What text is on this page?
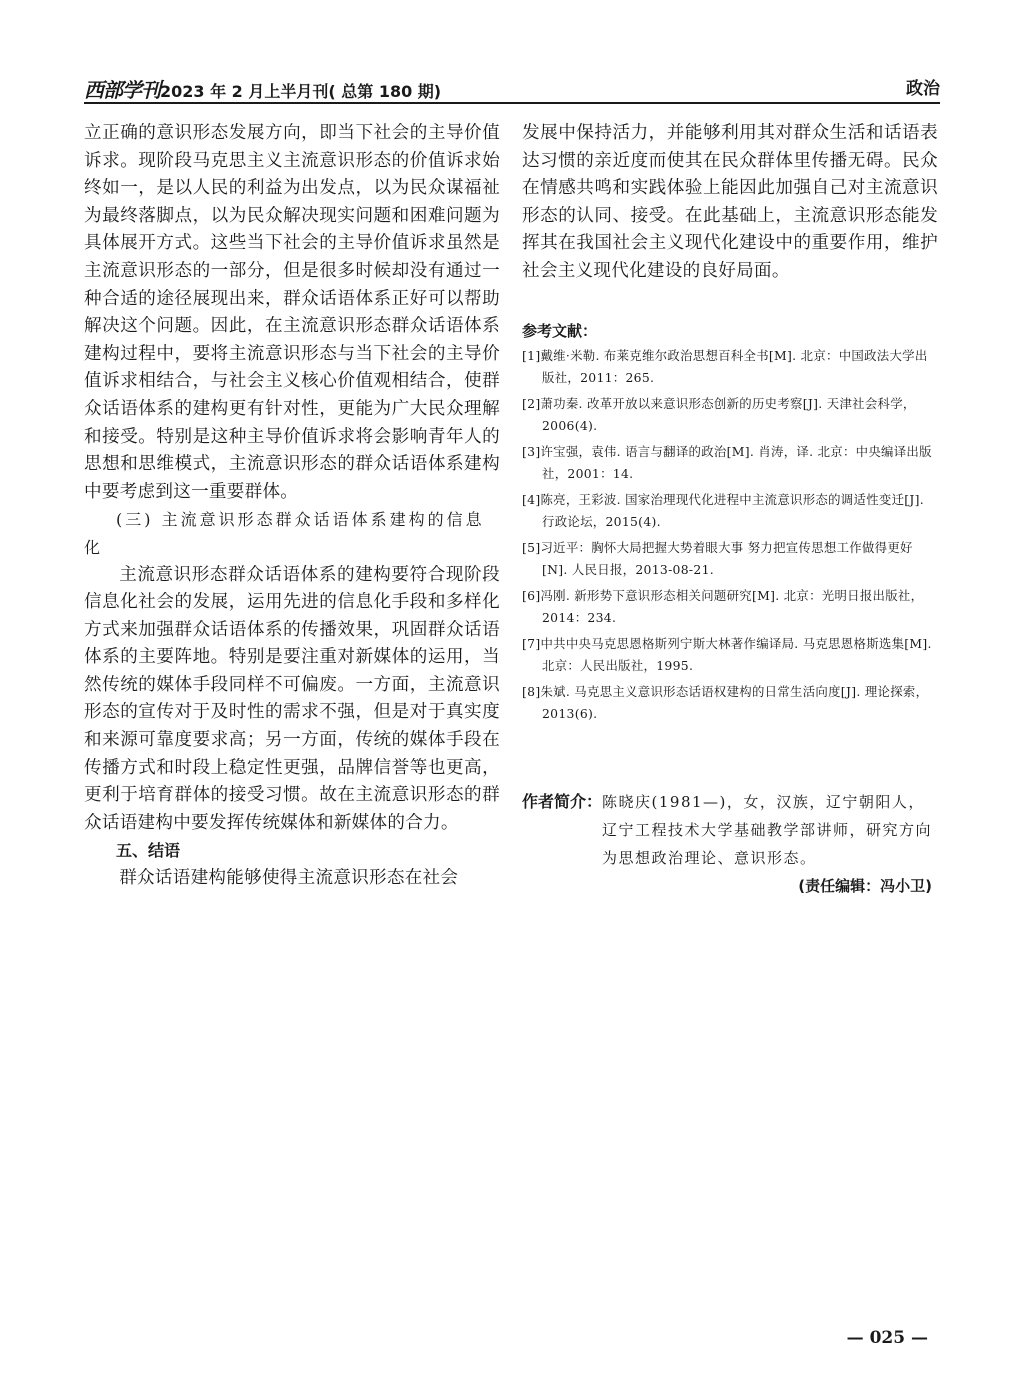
西部学刊 2023 年 2 月上半月刊( 总第 180 期)	政治

立正确的意识形态发展方向，即当下社会的主导价值诉求。现阶段马克思主义主流意识形态的价值诉求始终如一，是以人民的利益为出发点，以为民众谋福祉为最终落脚点，以为民众解决现实问题和困难问题为具体展开方式。这些当下社会的主导价值诉求虽然是主流意识形态的一部分，但是很多时候却没有通过一种合适的途径展现出来，群众话语体系正好可以帮助解决这个问题。因此，在主流意识形态群众话语体系建构过程中，要将主流意识形态与当下社会的主导价值诉求相结合，与社会主义核心价值观相结合，使群众话语体系的建构更有针对性，更能为广大民众理解和接受。特别是这种主导价值诉求将会影响青年人的思想和思维模式，主流意识形态的群众话语体系建构中要考虑到这一重要群体。

(三) 主流意识形态群众话语体系建构的信息化

主流意识形态群众话语体系的建构要符合现阶段信息化社会的发展，运用先进的信息化手段和多样化方式来加强群众话语体系的传播效果，巩固群众话语体系的主要阵地。特别是要注重对新媒体的运用，当然传统的媒体手段同样不可偏废。一方面，主流意识形态的宣传对于及时性的需求不强，但是对于真实度和来源可靠度要求高；另一方面，传统的媒体手段在传播方式和时段上稳定性更强，品牌信誉等也更高，更利于培育群体的接受习惯。故在主流意识形态的群众话语建构中要发挥传统媒体和新媒体的合力。

五、结语

群众话语建构能够使得主流意识形态在社会

发展中保持活力，并能够利用其对群众生活和话语表达习惯的亲近度而使其在民众群体里传播无碍。民众在情感共鸣和实践体验上能因此加强自己对主流意识形态的认同、接受。在此基础上，主流意识形态能发挥其在我国社会主义现代化建设中的重要作用，维护社会主义现代化建设的良好局面。

参考文献：

[1]戴维·米勒. 布莱克维尔政治思想百科全书[M]. 北京：中国政法大学出版社，2011：265.

[2]萧功秦. 改革开放以来意识形态创新的历史考察[J]. 天津社会科学，2006(4).

[3]许宝强，袁伟. 语言与翻译的政治[M]. 肖涛，译. 北京：中央编译出版社，2001：14.

[4]陈亮，王彩波. 国家治理现代化进程中主流意识形态的调适性变迁[J]. 行政论坛，2015(4).

[5]习近平：胸怀大局把握大势着眼大事 努力把宣传思想工作做得更好[N]. 人民日报，2013-08-21.

[6]冯刚. 新形势下意识形态相关问题研究[M]. 北京：光明日报出版社，2014：234.

[7]中共中央马克思恩格斯列宁斯大林著作编译局. 马克思恩格斯选集[M]. 北京：人民出版社，1995.

[8]朱斌. 马克思主义意识形态话语权建构的日常生活向度[J]. 理论探索，2013(6).

作者简介： 陈晓庆(1981—)，女，汉族，辽宁朝阳人，辽宁工程技术大学基础教学部讲师，研究方向为思想政治理论、意识形态。
(责任编辑：冯小卫)
— 025 —
